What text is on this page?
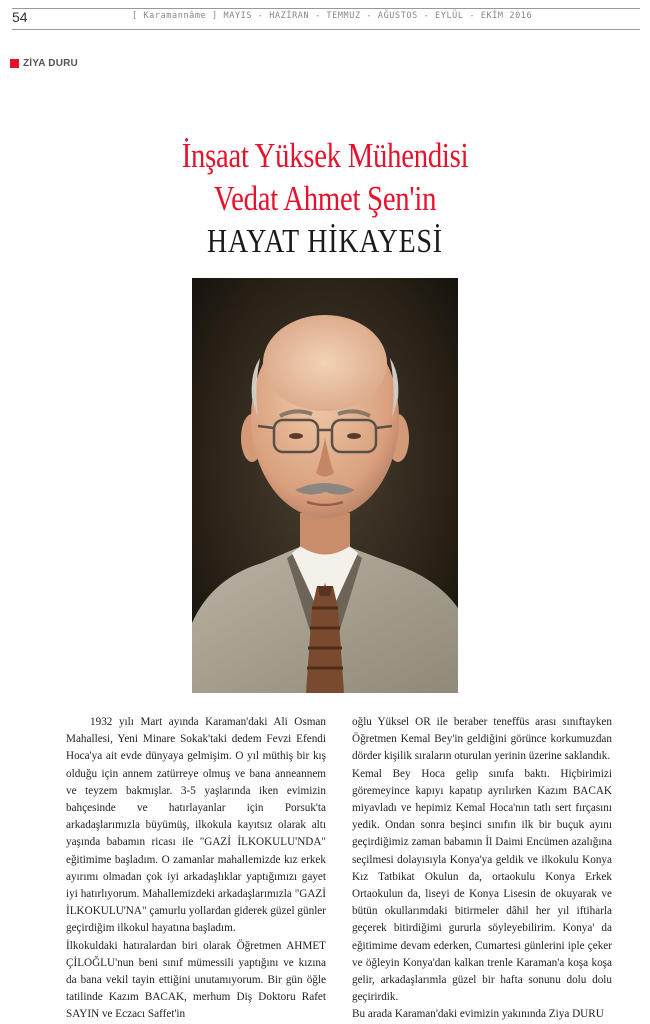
54	[ Karamannâme ] MAYIS - HAZİRAN - TEMMUZ - AĞUSTOS - EYLÜL - EKİM 2016
ZİYA DURU
İnşaat Yüksek Mühendisi
Vedat Ahmet Şen'in
HAYAT HİKAYESİ

1932 yılı Mart ayında Karaman'daki Ali Osman Mahallesi, Yeni Minare Sokak'taki dedem Fevzi Efendi Hoca'ya ait evde dünyaya gelmişim. O yıl müthiş bir kış olduğu için annem zatürreye olmuş ve bana anneannem ve teyzem bakmışlar. 3-5 yaşlarında iken evimizin bahçesinde ve hatırlayanlar için Porsuk'ta arkadaşlarımızla büyümüş, ilkokula kayıtsız olarak altı yaşında babamın ricası ile "GAZİ İLKOKULU'NDA" eğitimime başladım. O zamanlar mahallemizde kız erkek ayırımı olmadan çok iyi arkadaşlıklar yaptığımızı gayet iyi hatırlıyorum. Mahallemizdeki arkadaşlarımızla "GAZİ İLKOKULU'NA" çamurlu yollardan giderek güzel günler geçirdiğim ilkokul hayatına başladım.

İlkokuldaki hatıralardan biri olarak Öğretmen AHMET ÇİLOĞLU'nun beni sınıf mümessili yaptığını ve kızına da bana vekil tayin ettiğini unutamıyorum. Bir gün öğle tatilinde Kazım BACAK, merhum Diş Doktoru Rafet SAYIN ve Eczacı Saffet'in

oğlu Yüksel OR ile beraber teneffüs arası sınıftayken Öğretmen Kemal Bey'in geldiğini görünce korkumuzdan dörder kişilik sıraların oturulan yerinin üzerine saklandık.

Kemal Bey Hoca gelip sınıfa baktı. Hiçbirimizi göremeyince kapıyı kapatıp ayrılırken Kazım BACAK miyavladı ve hepimiz Kemal Hoca'nın tatlı sert fırçasını yedik. Ondan sonra beşinci sınıfın ilk bir buçuk ayını geçirdiğimiz zaman babamın İl Daimi Encümen azalığına seçilmesi dolayısıyla Konya'ya geldik ve ilkokulu Konya Kız Tatbikat Okulun da, ortaokulu Konya Erkek Ortaokulun da, liseyi de Konya Lisesin de okuyarak ve bütün okullarımdaki bitirmeler dâhil her yıl iftiharla geçerek bitirdiğimi gururla söyleyebilirim. Konya' da eğitimime devam ederken, Cumartesi günlerini iple çeker ve öğleyin Konya'dan kalkan trenle Karaman'a koşa koşa gelir, arkadaşlarımla güzel bir hafta sonunu dolu dolu geçirirdik.

Bu arada Karaman'daki evimizin yakınında Ziya DURU
